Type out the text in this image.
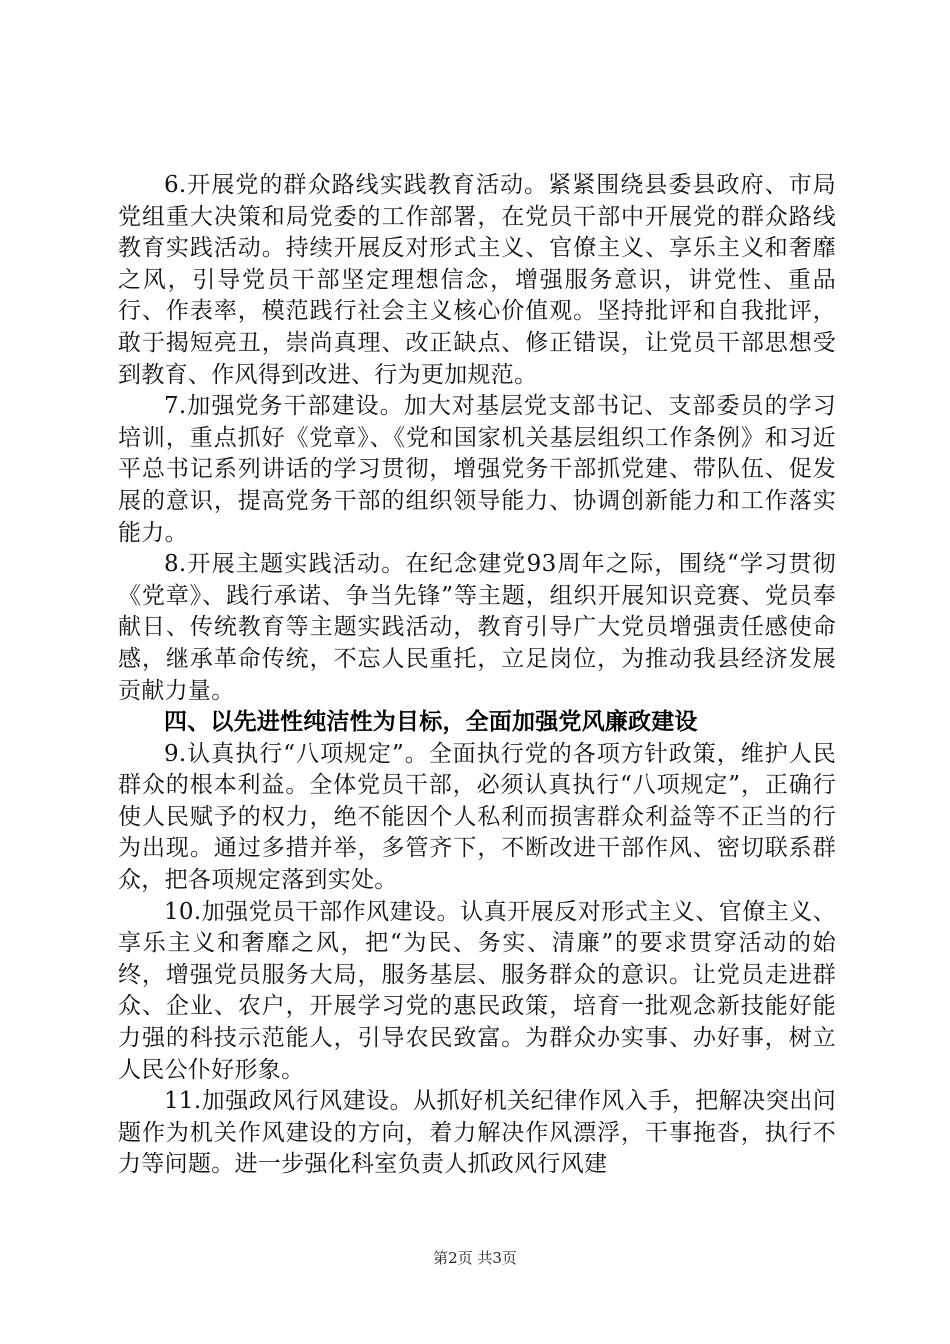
6.开展党的群众路线实践教育活动。紧紧围绕县委县政府、市局党组重大决策和局党委的工作部署，在党员干部中开展党的群众路线教育实践活动。持续开展反对形式主义、官僚主义、享乐主义和奢靡之风，引导党员干部坚定理想信念，增强服务意识，讲党性、重品行、作表率，模范践行社会主义核心价值观。坚持批评和自我批评，敢于揭短亮丑，崇尚真理、改正缺点、修正错误，让党员干部思想受到教育、作风得到改进、行为更加规范。

7.加强党务干部建设。加大对基层党支部书记、支部委员的学习培训，重点抓好《党章》、《党和国家机关基层组织工作条例》和习近平总书记系列讲话的学习贯彻，增强党务干部抓党建、带队伍、促发展的意识，提高党务干部的组织领导能力、协调创新能力和工作落实能力。

8.开展主题实践活动。在纪念建党93周年之际，围绕“学习贯彻《党章》、践行承诺、争当先锋”等主题，组织开展知识竞赛、党员奉献日、传统教育等主题实践活动，教育引导广大党员增强责任感使命感，继承革命传统，不忘人民重托，立足岗位，为推动我县经济发展贡献力量。

四、以先进性纯洁性为目标，全面加强党风廉政建设

9.认真执行“八项规定”。全面执行党的各项方针政策，维护人民群众的根本利益。全体党员干部，必须认真执行“八项规定”，正确行使人民赋予的权力，绝不能因个人私利而损害群众利益等不正当的行为出现。通过多措并举，多管齐下，不断改进干部作风、密切联系群众，把各项规定落到实处。

10.加强党员干部作风建设。认真开展反对形式主义、官僚主义、享乐主义和奢靡之风，把“为民、务实、清廉”的要求贯穿活动的始终，增强党员服务大局，服务基层、服务群众的意识。让党员走进群众、企业、农户，开展学习党的惠民政策，培育一批观念新技能好能力强的科技示范能人，引导农民致富。为群众办实事、办好事，树立人民公仆好形象。

11.加强政风行风建设。从抓好机关纪律作风入手，把解决突出问题作为机关作风建设的方向，着力解决作风漂浮，干事拖沓，执行不力等问题。进一步强化科室负责人抓政风行风建

第2页 共3页
